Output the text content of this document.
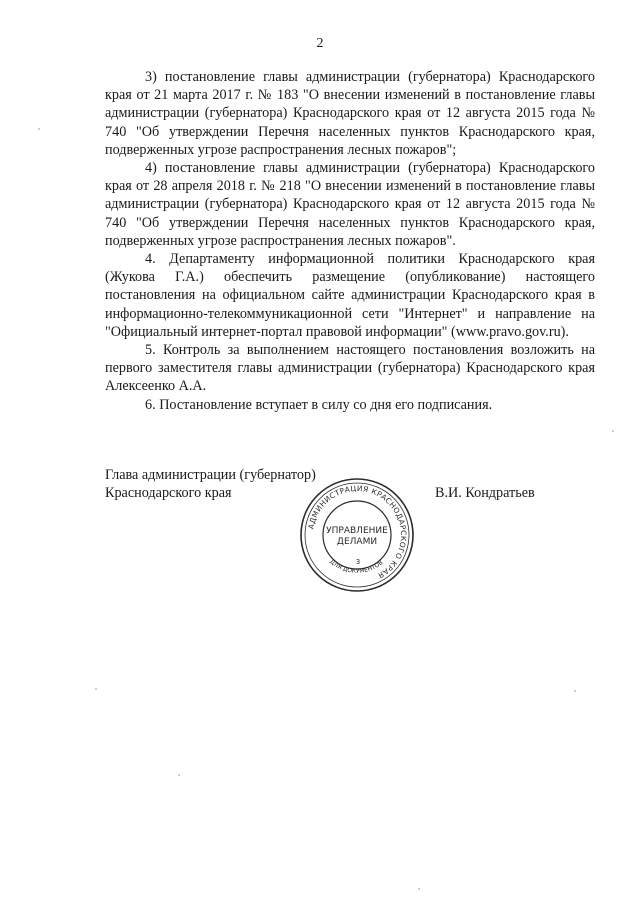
2

3) постановление главы администрации (губернатора) Краснодарского края от 21 марта 2017 г. № 183 "О внесении изменений в постановление главы администрации (губернатора) Краснодарского края от 12 августа 2015 года № 740 "Об утверждении Перечня населенных пунктов Краснодарского края, подверженных угрозе распространения лесных пожаров";

4) постановление главы администрации (губернатора) Краснодарского края от 28 апреля 2018 г. № 218 "О внесении изменений в постановление главы администрации (губернатора) Краснодарского края от 12 августа 2015 года № 740 "Об утверждении Перечня населенных пунктов Краснодарского края, подверженных угрозе распространения лесных пожаров".

4. Департаменту информационной политики Краснодарского края (Жукова Г.А.) обеспечить размещение (опубликование) настоящего постановления на официальном сайте администрации Краснодарского края в информационно-телекоммуникационной сети "Интернет" и направление на "Официальный интернет-портал правовой информации" (www.pravo.gov.ru).

5. Контроль за выполнением настоящего постановления возложить на первого заместителя главы администрации (губернатора) Краснодарского края Алексеенко А.А.

6. Постановление вступает в силу со дня его подписания.

Глава администрации (губернатор)
Краснодарского края	В.И. Кондратьев
АДМИНИСТРАЦИЯ КРАСНОДАРСКОГО КРАЯ
ДЛЯ ДОКУМЕНТОВ
УПРАВЛЕНИЕ
ДЕЛАМИ
3
